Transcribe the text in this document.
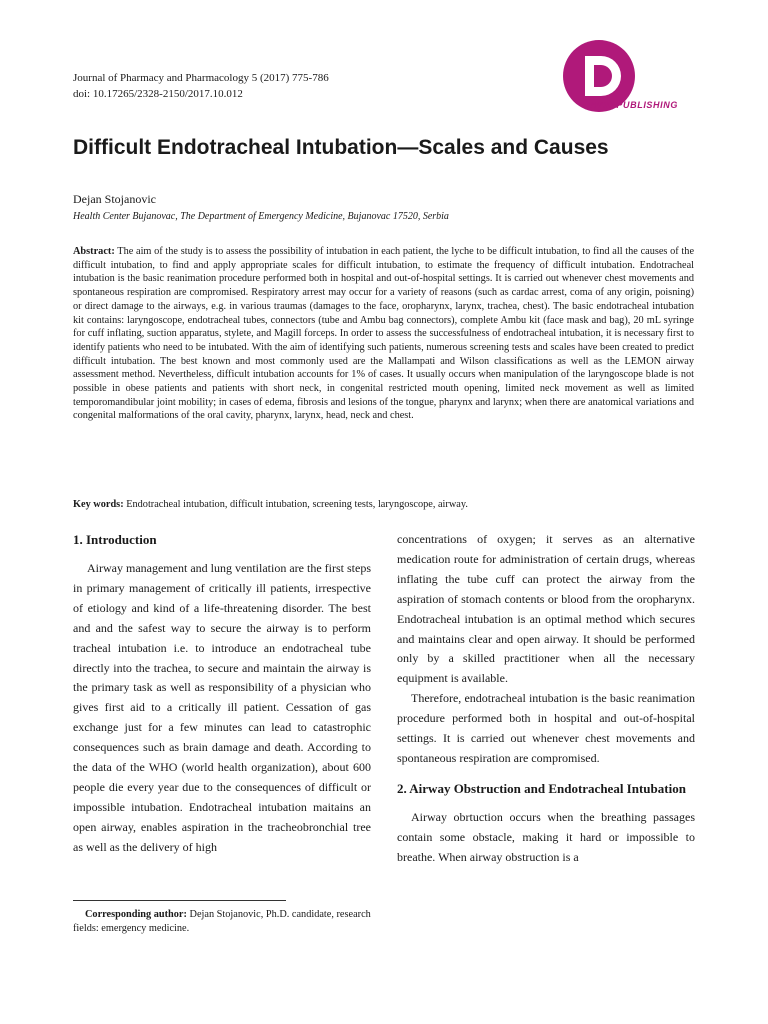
Journal of Pharmacy and Pharmacology 5 (2017) 775-786
doi: 10.17265/2328-2150/2017.10.012
D
DAVID PUBLISHING
Difficult Endotracheal Intubation—Scales and Causes
Dejan Stojanovic
Health Center Bujanovac, The Department of Emergency Medicine, Bujanovac 17520, Serbia

Abstract: The aim of the study is to assess the possibility of intubation in each patient, the lyche to be difficult intubation, to find all the causes of the difficult intubation, to find and apply appropriate scales for difficult intubation, to estimate the frequency of difficult intubation. Endotracheal intubation is the basic reanimation procedure performed both in hospital and out-of-hospital settings. It is carried out whenever chest movements and spontaneous respiration are compromised. Respiratory arrest may occur for a variety of reasons (such as cardac arrest, coma of any origin, poisning) or direct damage to the airways, e.g. in various traumas (damages to the face, oropharynx, larynx, trachea, chest). The basic endotracheal intubation kit contains: laryngoscope, endotracheal tubes, connectors (tube and Ambu bag connectors), complete Ambu kit (face mask and bag), 20 mL syringe for cuff inflating, suction apparatus, stylete, and Magill forceps. In order to assess the successfulness of endotracheal intubation, it is necessary first to identify patients who need to be intubated. With the aim of identifying such patients, numerous screening tests and scales have been created to predict difficult intubation. The best known and most commonly used are the Mallampati and Wilson classifications as well as the LEMON airway assessment method. Nevertheless, difficult intubation accounts for 1% of cases. It usually occurs when manipulation of the laryngoscope blade is not possible in obese patients and patients with short neck, in congenital restricted mouth opening, limited neck movement as well as limited temporomandibular joint mobility; in cases of edema, fibrosis and lesions of the tongue, pharynx and larynx; when there are anatomical variations and congenital malformations of the oral cavity, pharynx, larynx, head, neck and chest.

Key words: Endotracheal intubation, difficult intubation, screening tests, laryngoscope, airway.
1. Introduction

Airway management and lung ventilation are the first steps in primary management of critically ill patients, irrespective of etiology and kind of a life-threatening disorder. The best and and the safest way to secure the airway is to perform tracheal intubation i.e. to introduce an endotracheal tube directly into the trachea, to secure and maintain the airway is the primary task as well as responsibility of a physician who gives first aid to a critically ill patient. Cessation of gas exchange just for a few minutes can lead to catastrophic consequences such as brain damage and death. According to the data of the WHO (world health organization), about 600 people die every year due to the consequences of difficult or impossible intubation. Endotracheal intubation maitains an open airway, enables aspiration in the tracheobronchial tree as well as the delivery of high

concentrations of oxygen; it serves as an alternative medication route for administration of certain drugs, whereas inflating the tube cuff can protect the airway from the aspiration of stomach contents or blood from the oropharynx. Endotracheal intubation is an optimal method which secures and maintains clear and open airway. It should be performed only by a skilled practitioner when all the necessary equipment is available.

Therefore, endotracheal intubation is the basic reanimation procedure performed both in hospital and out-of-hospital settings. It is carried out whenever chest movements and spontaneous respiration are compromised.

2. Airway Obstruction and Endotracheal Intubation

Airway obrtuction occurs when the breathing passages contain some obstacle, making it hard or impossible to breathe. When airway obstruction is a

Corresponding author: Dejan Stojanovic, Ph.D. candidate, research fields: emergency medicine.
